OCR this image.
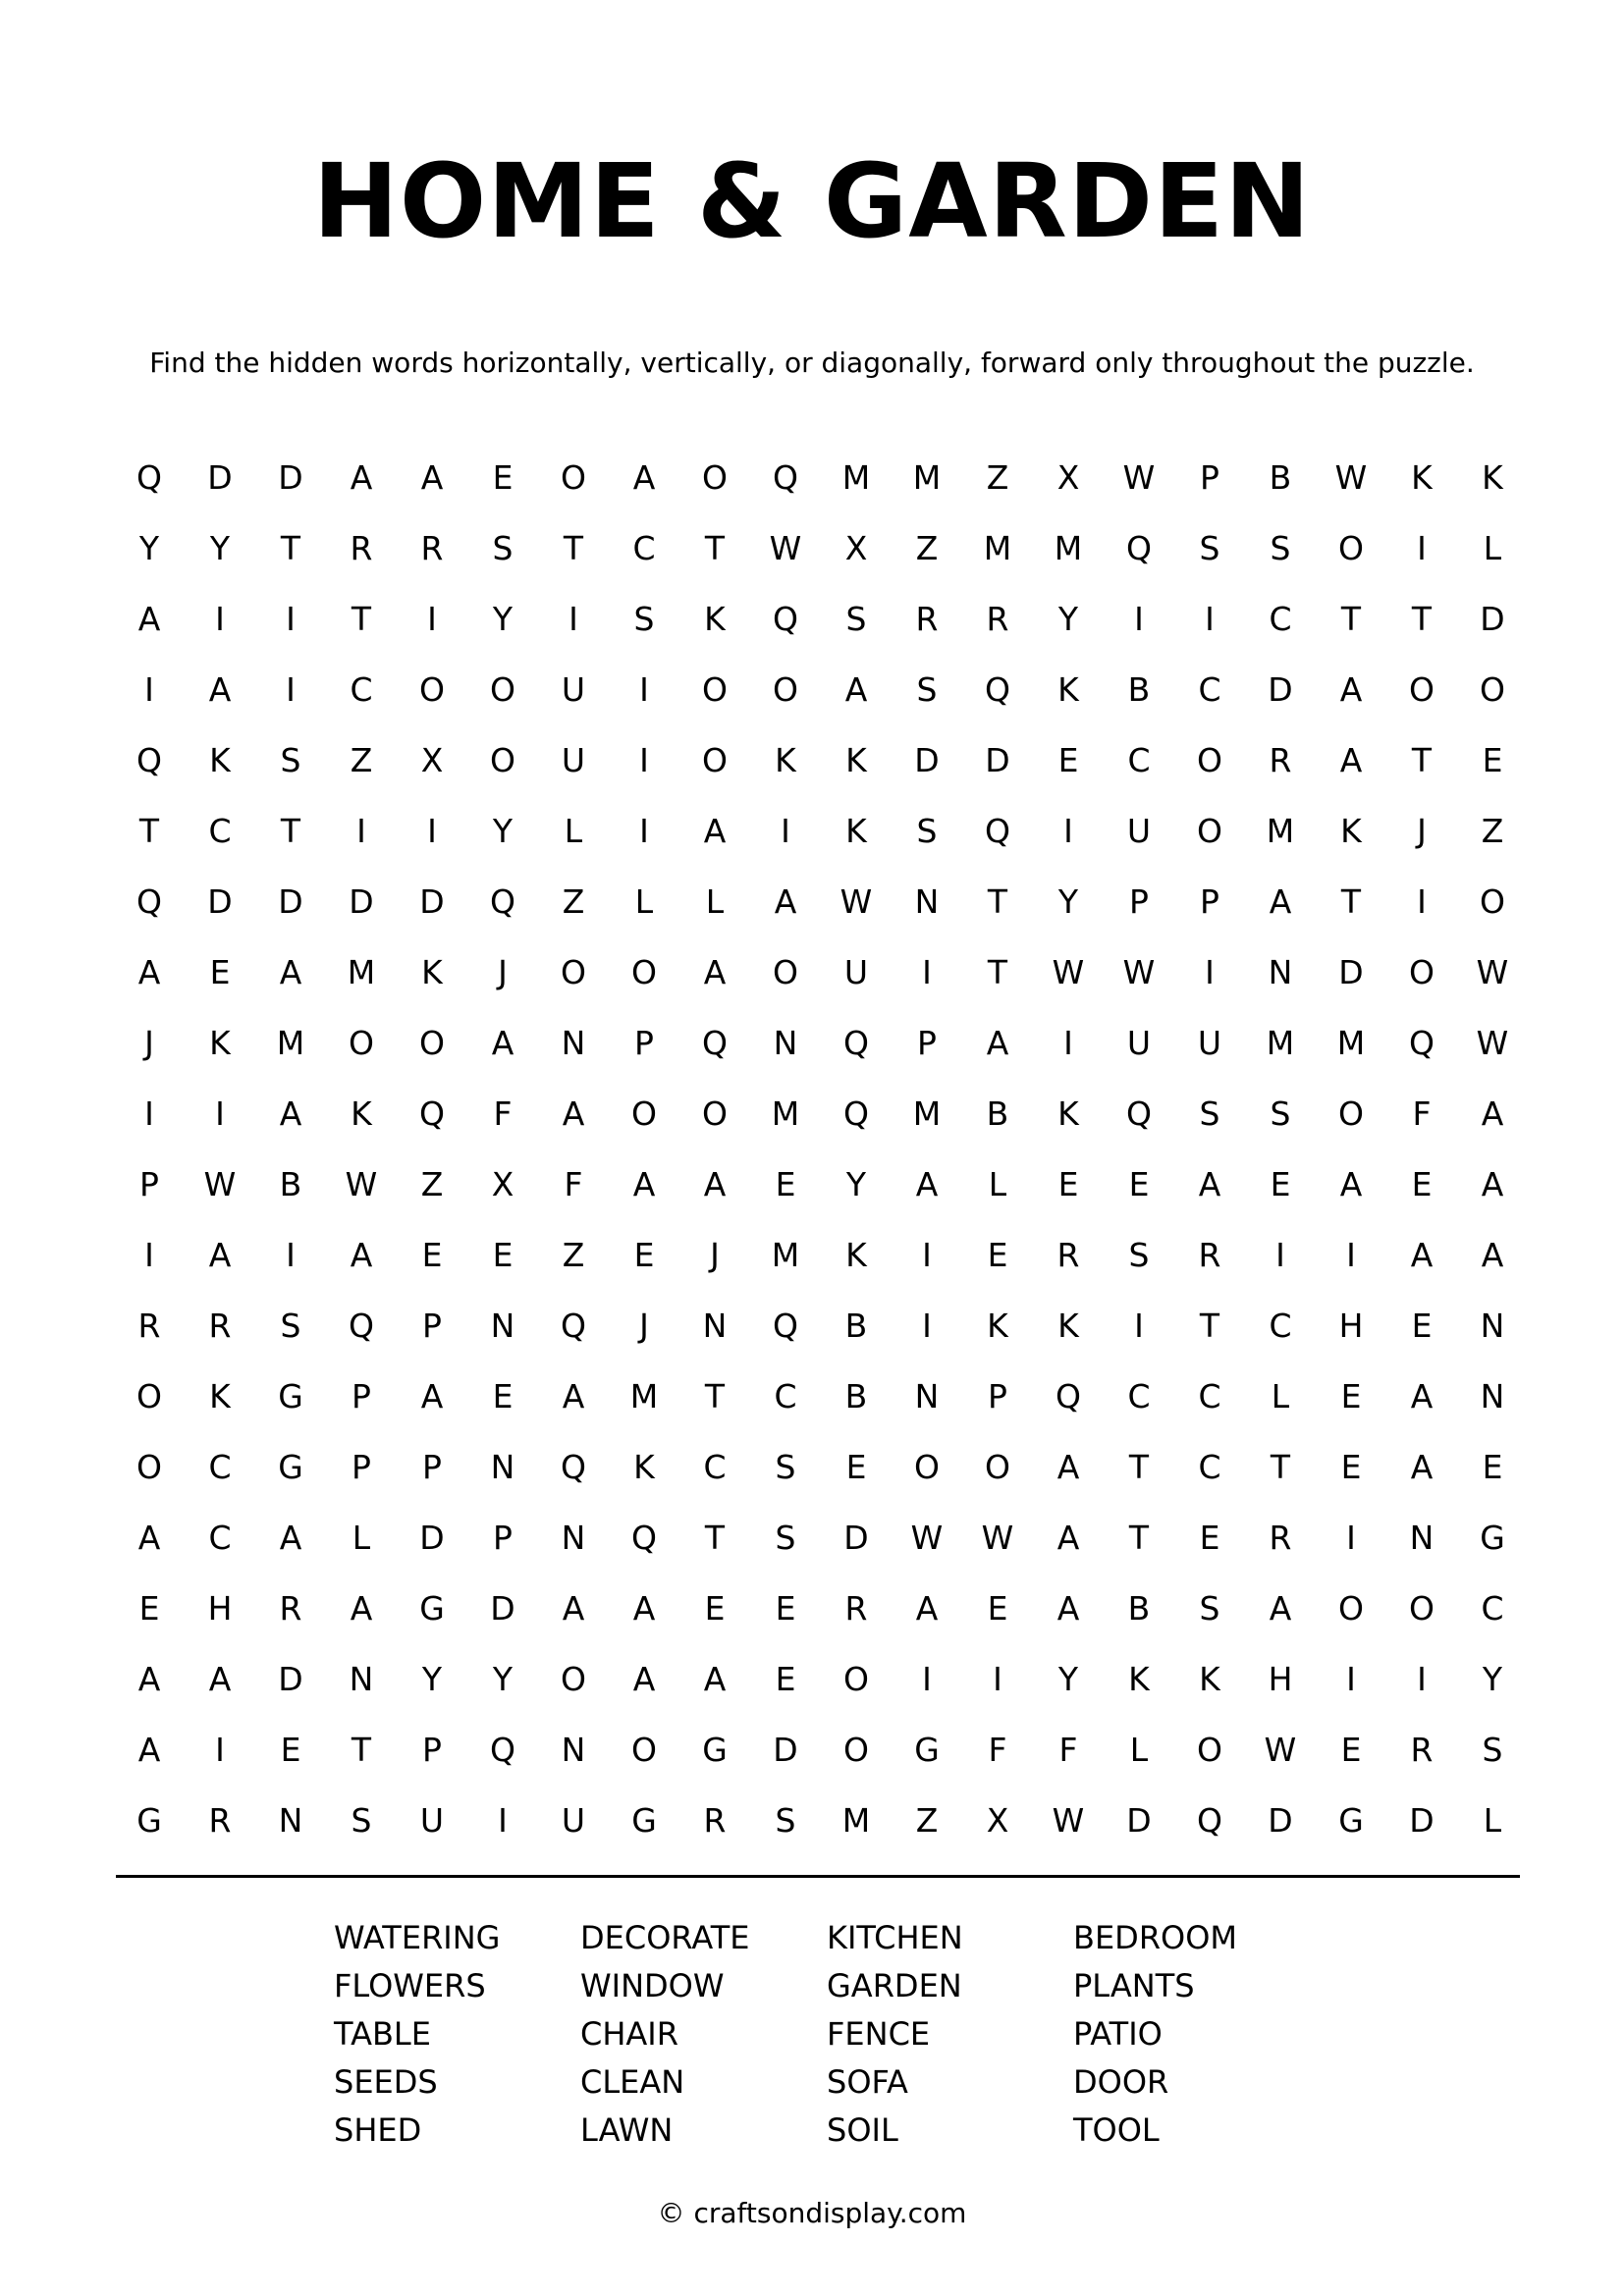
HOME & GARDEN
Find the hidden words horizontally, vertically, or diagonally, forward only throughout the puzzle.
Q	D	D	A	A	E	O	A	O	Q	M	M	Z	X	W	P	B	W	K	K
Y	Y	T	R	R	S	T	C	T	W	X	Z	M	M	Q	S	S	O	I	L
A	I	I	T	I	Y	I	S	K	Q	S	R	R	Y	I	I	C	T	T	D
I	A	I	C	O	O	U	I	O	O	A	S	Q	K	B	C	D	A	O	O
Q	K	S	Z	X	O	U	I	O	K	K	D	D	E	C	O	R	A	T	E
T	C	T	I	I	Y	L	I	A	I	K	S	Q	I	U	O	M	K	J	Z
Q	D	D	D	D	Q	Z	L	L	A	W	N	T	Y	P	P	A	T	I	O
A	E	A	M	K	J	O	O	A	O	U	I	T	W	W	I	N	D	O	W
J	K	M	O	O	A	N	P	Q	N	Q	P	A	I	U	U	M	M	Q	W
I	I	A	K	Q	F	A	O	O	M	Q	M	B	K	Q	S	S	O	F	A
P	W	B	W	Z	X	F	A	A	E	Y	A	L	E	E	A	E	A	E	A
I	A	I	A	E	E	Z	E	J	M	K	I	E	R	S	R	I	I	A	A
R	R	S	Q	P	N	Q	J	N	Q	B	I	K	K	I	T	C	H	E	N
O	K	G	P	A	E	A	M	T	C	B	N	P	Q	C	C	L	E	A	N
O	C	G	P	P	N	Q	K	C	S	E	O	O	A	T	C	T	E	A	E
A	C	A	L	D	P	N	Q	T	S	D	W	W	A	T	E	R	I	N	G
E	H	R	A	G	D	A	A	E	E	R	A	E	A	B	S	A	O	O	C
A	A	D	N	Y	Y	O	A	A	E	O	I	I	Y	K	K	H	I	I	Y
A	I	E	T	P	Q	N	O	G	D	O	G	F	F	L	O	W	E	R	S
G	R	N	S	U	I	U	G	R	S	M	Z	X	W	D	Q	D	G	D	L
WATERING
FLOWERS
TABLE
SEEDS
SHED
DECORATE
WINDOW
CHAIR
CLEAN
LAWN
KITCHEN
GARDEN
FENCE
SOFA
SOIL
BEDROOM
PLANTS
PATIO
DOOR
TOOL
© craftsondisplay.com
